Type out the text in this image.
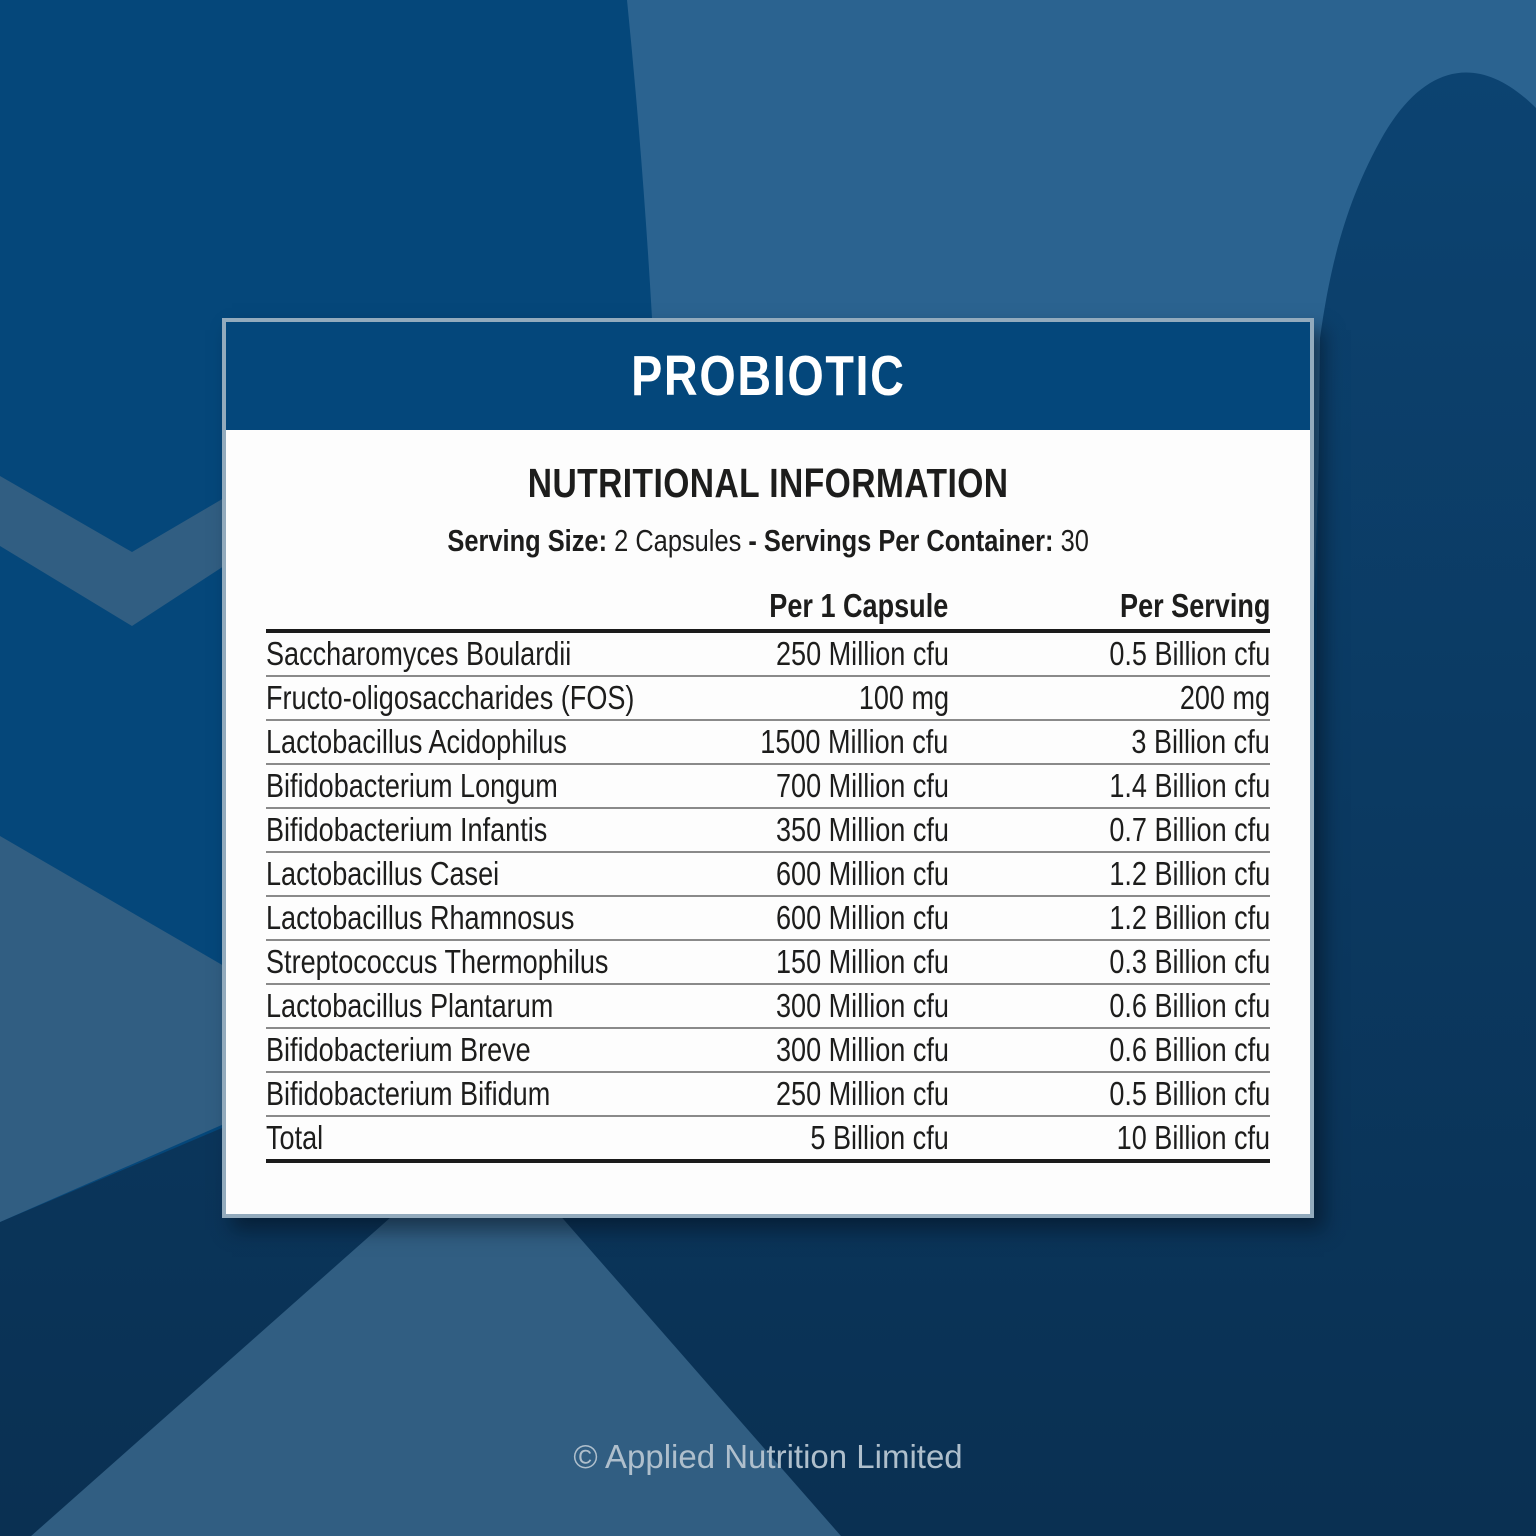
PROBIOTIC
NUTRITIONAL INFORMATION

Serving Size: 2 Capsules - Servings Per Container: 30

	Per 1 Capsule	Per Serving
Saccharomyces Boulardii	250 Million cfu	0.5 Billion cfu
Fructo-oligosaccharides (FOS)	100 mg	200 mg
Lactobacillus Acidophilus	1500 Million cfu	3 Billion cfu
Bifidobacterium Longum	700 Million cfu	1.4 Billion cfu
Bifidobacterium Infantis	350 Million cfu	0.7 Billion cfu
Lactobacillus Casei	600 Million cfu	1.2 Billion cfu
Lactobacillus Rhamnosus	600 Million cfu	1.2 Billion cfu
Streptococcus Thermophilus	150 Million cfu	0.3 Billion cfu
Lactobacillus Plantarum	300 Million cfu	0.6 Billion cfu
Bifidobacterium Breve	300 Million cfu	0.6 Billion cfu
Bifidobacterium Bifidum	250 Million cfu	0.5 Billion cfu
Total	5 Billion cfu	10 Billion cfu
© Applied Nutrition Limited
